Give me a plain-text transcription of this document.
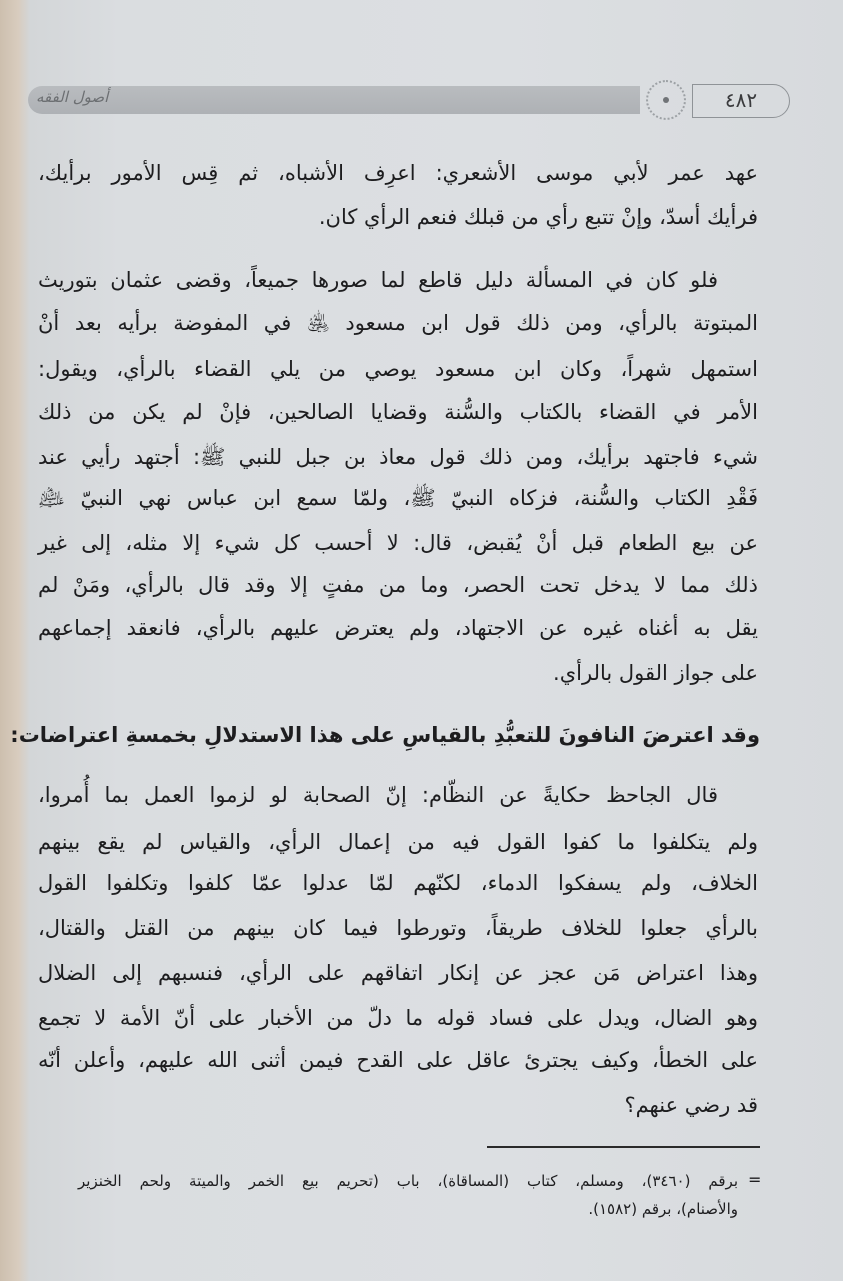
أصول الفقه	٤٨٢
عهد عمر لأبي موسى الأشعري: اعرِف الأشباه، ثم قِس الأمور برأيك،
فرأيك أسدّ، وإنْ تتبع رأي من قبلك فنعم الرأي كان.
فلو كان في المسألة دليل قاطع لما صورها جميعاً، وقضى عثمان بتوريث
المبتوتة بالرأي، ومن ذلك قول ابن مسعود ﵁ في المفوضة برأيه بعد أنْ
استمهل شهراً، وكان ابن مسعود يوصي من يلي القضاء بالرأي، ويقول:
الأمر في القضاء بالكتاب والسُّنة وقضايا الصالحين، فإنْ لم يكن من ذلك
شيء فاجتهد برأيك، ومن ذلك قول معاذ بن جبل للنبي ﷺ: أجتهد رأيي عند
فَقْدِ الكتاب والسُّنة، فزكاه النبيّ ﷺ، ولمّا سمع ابن عباس نهي النبيّ ﵇
عن بيع الطعام قبل أنْ يُقبض، قال: لا أحسب كل شيء إلا مثله، إلى غير
ذلك مما لا يدخل تحت الحصر، وما من مفتٍ إلا وقد قال بالرأي، ومَنْ لم
يقل به أغناه غيره عن الاجتهاد، ولم يعترض عليهم بالرأي، فانعقد إجماعهم
على جواز القول بالرأي.
وقد اعترضَ النافونَ للتعبُّدِ بالقياسِ على هذا الاستدلالِ بخمسةِ اعتراضات:
قال الجاحظ حكايةً عن النظّام: إنّ الصحابة لو لزموا العمل بما أُمروا،
ولم يتكلفوا ما كفوا القول فيه من إعمال الرأي، والقياس لم يقع بينهم
الخلاف، ولم يسفكوا الدماء، لكنّهم لمّا عدلوا عمّا كلفوا وتكلفوا القول
بالرأي جعلوا للخلاف طريقاً، وتورطوا فيما كان بينهم من القتل والقتال،
وهذا اعتراض مَن عجز عن إنكار اتفاقهم على الرأي، فنسبهم إلى الضلال
وهو الضال، ويدل على فساد قوله ما دلّ من الأخبار على أنّ الأمة لا تجمع
على الخطأ، وكيف يجترئ عاقل على القدح فيمن أثنى الله عليهم، وأعلن أنّه
قد رضي عنهم؟
=
برقم (٣٤٦٠)، ومسلم، كتاب (المساقاة)، باب (تحريم بيع الخمر والميتة ولحم الخنزير
والأصنام)، برقم (١٥٨٢).
